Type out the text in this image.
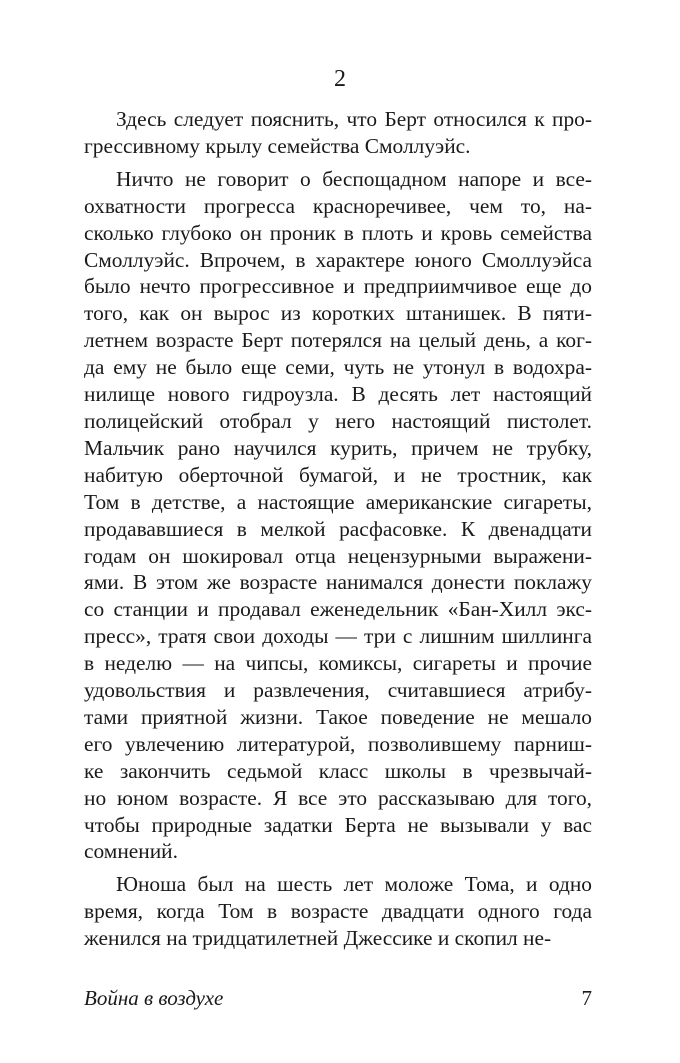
2
Здесь следует пояснить, что Берт относился к про-
грессивному крылу семейства Смоллуэйс.
Ничто не говорит о беспощадном напоре и все-
охватности прогресса красноречивее, чем то, на-
сколько глубоко он проник в плоть и кровь семейства
Смоллуэйс. Впрочем, в характере юного Смоллуэйса
было нечто прогрессивное и предприимчивое еще до
того, как он вырос из коротких штанишек. В пяти-
летнем возрасте Берт потерялся на целый день, а ког-
да ему не было еще семи, чуть не утонул в водохра-
нилище нового гидроузла. В десять лет настоящий
полицейский отобрал у него настоящий пистолет.
Мальчик рано научился курить, причем не трубку,
набитую оберточной бумагой, и не тростник, как
Том в детстве, а настоящие американские сигареты,
продававшиеся в мелкой расфасовке. К двенадцати
годам он шокировал отца нецензурными выражени-
ями. В этом же возрасте нанимался донести поклажу
со станции и продавал еженедельник «Бан-Хилл экс-
пресс», тратя свои доходы — три с лишним шиллинга
в неделю — на чипсы, комиксы, сигареты и прочие
удовольствия и развлечения, считавшиеся атрибу-
тами приятной жизни. Такое поведение не мешало
его увлечению литературой, позволившему парниш-
ке закончить седьмой класс школы в чрезвычай-
но юном возрасте. Я все это рассказываю для того,
чтобы природные задатки Берта не вызывали у вас
сомнений.
Юноша был на шесть лет моложе Тома, и одно
время, когда Том в возрасте двадцати одного года
женился на тридцатилетней Джессике и скопил не-
Война в воздухе	7
